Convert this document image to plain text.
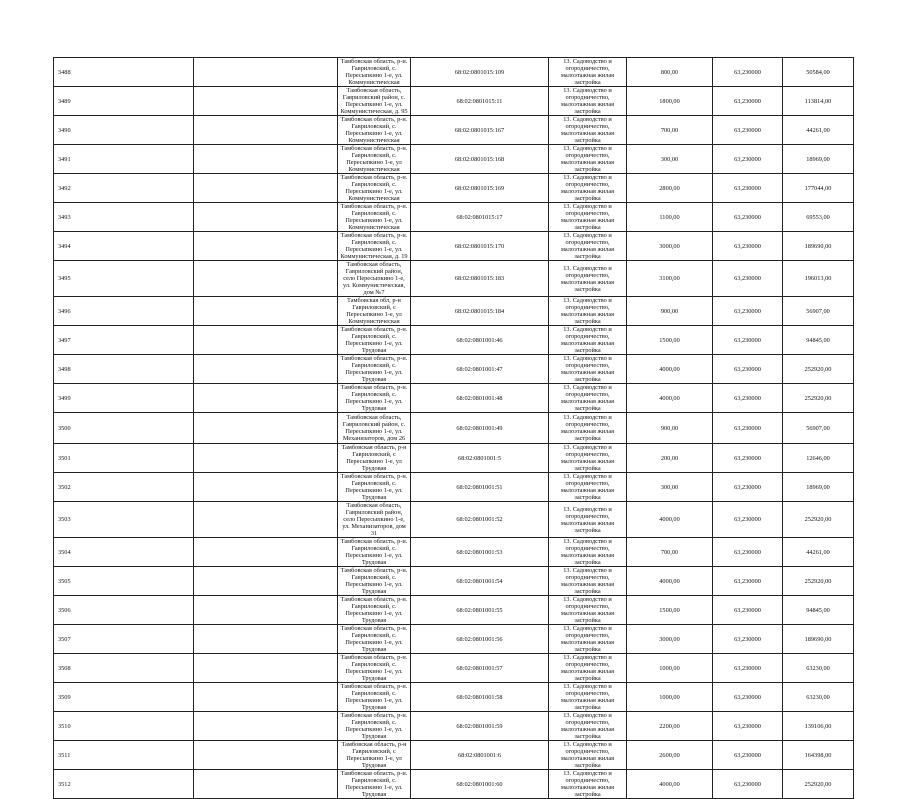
3488		Тамбовская область, р-н. Гавриловский, с. Пересыпкино 1-е, ул. Коммунистическая	68:02:0801015:109	13. Садоводство и огородничество, малоэтажная жилая застройка	800,00	63,230000	50584,00
3489		Тамбовская область, Гавриловский район, с. Пересыпкино 1-е, ул. Коммунистическая, д. 95	68:02:0801015:11	13. Садоводство и огородничество, малоэтажная жилая застройка	1800,00	63,230000	113814,00
3490		Тамбовская область, р-н. Гавриловский, с. Пересыпкино 1-е, ул. Коммунистическая	68:02:0801015:167	13. Садоводство и огородничество, малоэтажная жилая застройка	700,00	63,230000	44261,00
3491		Тамбовская область, р-н. Гавриловский, с. Пересыпкино 1-е, ул Коммунистическая	68:02:0801015:168	13. Садоводство и огородничество, малоэтажная жилая застройка	300,00	63,230000	18969,00
3492		Тамбовская область, р-н. Гавриловский, с. Пересыпкино 1-е, ул. Коммунистическая	68:02:0801015:169	13. Садоводство и огородничество, малоэтажная жилая застройка	2800,00	63,230000	177044,00
3493		Тамбовская область, р-н. Гавриловский, с. Пересыпкино 1-е, ул. Коммунистическая	68:02:0801015:17	13. Садоводство и огородничество, малоэтажная жилая застройка	1100,00	63,230000	69553,00
3494		Тамбовская область, р-н. Гавриловский, с. Пересыпкино 1-е, ул. Коммунистическая, д. 19	68:02:0801015:170	13. Садоводство и огородничество, малоэтажная жилая застройка	3000,00	63,230000	189690,00
3495		Тамбовская область, Гавриловский район, село Пересыпкино 1-е, ул. Коммунистическая, дом №7	68:02:0801015:183	13. Садоводство и огородничество, малоэтажная жилая застройка	3100,00	63,230000	196013,00
3496		Тамбовская обл, р-н Гавриловский, с Пересыпкино 1-е, ул Коммунистическая	68:02:0801015:184	13. Садоводство и огородничество, малоэтажная жилая застройка	900,00	63,230000	56907,00
3497		Тамбовская область, р-н. Гавриловский, с. Пересыпкино 1-е, ул. Трудовая	68:02:0801001:46	13. Садоводство и огородничество, малоэтажная жилая застройка	1500,00	63,230000	94845,00
3498		Тамбовская область, р-н. Гавриловский, с. Пересыпкино 1-е, ул. Трудовая	68:02:0801001:47	13. Садоводство и огородничество, малоэтажная жилая застройка	4000,00	63,230000	252920,00
3499		Тамбовская область, р-н. Гавриловский, с. Пересыпкино 1-е, ул. Трудовая	68:02:0801001:48	13. Садоводство и огородничество, малоэтажная жилая застройка	4000,00	63,230000	252920,00
3500		Тамбовская область, Гавриловский район, с. Пересыпкино 1-е, ул. Механизаторов, дом 26	68:02:0801001:49	13. Садоводство и огородничество, малоэтажная жилая застройка	900,00	63,230000	56907,00
3501		Тамбовская область, р-н Гавриловский, с Пересыпкино 1-е, ул Трудовая	68:02:0801001:5	13. Садоводство и огородничество, малоэтажная жилая застройка	200,00	63,230000	12646,00
3502		Тамбовская область, р-н. Гавриловский, с. Пересыпкино 1-е, ул. Трудовая	68:02:0801001:51	13. Садоводство и огородничество, малоэтажная жилая застройка	300,00	63,230000	18969,00
3503		Тамбовская область, Гавриловский район, село Пересыпкино 1-е, ул. Механизаторов, дом 31	68:02:0801001:52	13. Садоводство и огородничество, малоэтажная жилая застройка	4000,00	63,230000	252920,00
3504		Тамбовская область, р-н. Гавриловский, с. Пересыпкино 1-е, ул. Трудовая	68:02:0801001:53	13. Садоводство и огородничество, малоэтажная жилая застройка	700,00	63,230000	44261,00
3505		Тамбовская область, р-н. Гавриловский, с. Пересыпкино 1-е, ул. Трудовая	68:02:0801001:54	13. Садоводство и огородничество, малоэтажная жилая застройка	4000,00	63,230000	252920,00
3506		Тамбовская область, р-н. Гавриловский, с. Пересыпкино 1-е, ул. Трудовая	68:02:0801001:55	13. Садоводство и огородничество, малоэтажная жилая застройка	1500,00	63,230000	94845,00
3507		Тамбовская область, р-н. Гавриловский, с. Пересыпкино 1-е, ул. Трудовая	68:02:0801001:56	13. Садоводство и огородничество, малоэтажная жилая застройка	3000,00	63,230000	189690,00
3508		Тамбовская область, р-н. Гавриловский, с. Пересыпкино 1-е, ул. Трудовая	68:02:0801001:57	13. Садоводство и огородничество, малоэтажная жилая застройка	1000,00	63,230000	63230,00
3509		Тамбовская область, р-н. Гавриловский, с. Пересыпкино 1-е, ул. Трудовая	68:02:0801001:58	13. Садоводство и огородничество, малоэтажная жилая застройка	1000,00	63,230000	63230,00
3510		Тамбовская область, р-н. Гавриловский, с. Пересыпкино 1-е, ул. Трудовая	68:02:0801001:59	13. Садоводство и огородничество, малоэтажная жилая застройка	2200,00	63,230000	139106,00
3511		Тамбовская область, р-н Гавриловский, с Пересыпкино 1-е, ул Трудовая	68:02:0801001:6	13. Садоводство и огородничество, малоэтажная жилая застройка	2600,00	63,230000	164398,00
3512		Тамбовская область, р-н. Гавриловский, с. Пересыпкино 1-е, ул. Трудовая	68:02:0801001:60	13. Садоводство и огородничество, малоэтажная жилая застройка	4000,00	63,230000	252920,00
